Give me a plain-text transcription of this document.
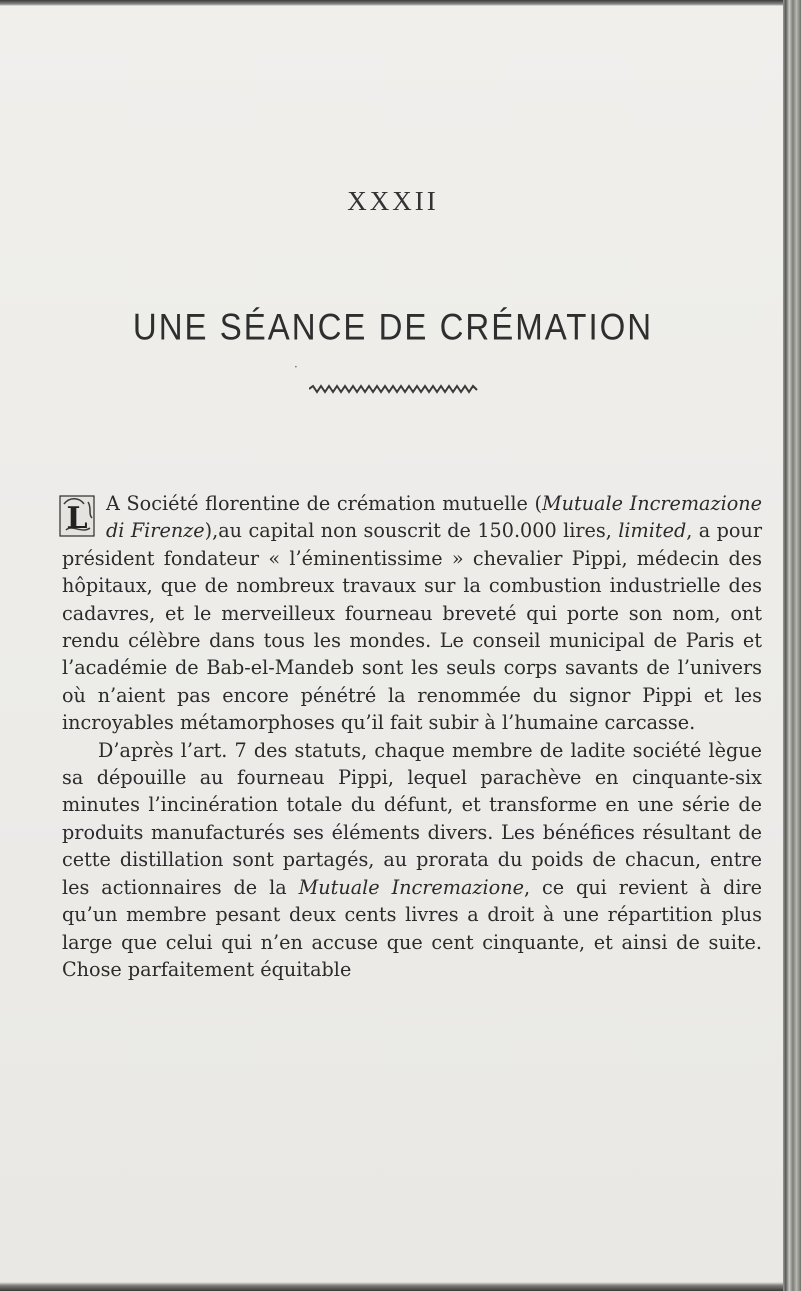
XXXII
UNE SÉANCE DE CRÉMATION
·

L A Société florentine de crémation mutuelle (Mutuale Incremazione di Firenze),au capital non souscrit de 150.000 lires, limited, a pour président fondateur « l’éminentissime » chevalier Pippi, médecin des hôpitaux, que de nombreux travaux sur la combustion industrielle des cadavres, et le merveilleux fourneau breveté qui porte son nom, ont rendu célèbre dans tous les mondes. Le conseil municipal de Paris et l’académie de Bab-el-Mandeb sont les seuls corps savants de l’univers où n’aient pas encore pénétré la renommée du signor Pippi et les incroyables métamorphoses qu’il fait subir à l’humaine carcasse.

D’après l’art. 7 des statuts, chaque membre de ladite société lègue sa dépouille au fourneau Pippi, lequel parachève en cinquante-six minutes l’incinération totale du défunt, et transforme en une série de produits manufacturés ses éléments divers. Les bénéfices résultant de cette distillation sont partagés, au prorata du poids de chacun, entre les actionnaires de la Mutuale Incremazione, ce qui revient à dire qu’un membre pesant deux cents livres a droit à une répartition plus large que celui qui n’en accuse que cent cinquante, et ainsi de suite. Chose parfaitement équitable
